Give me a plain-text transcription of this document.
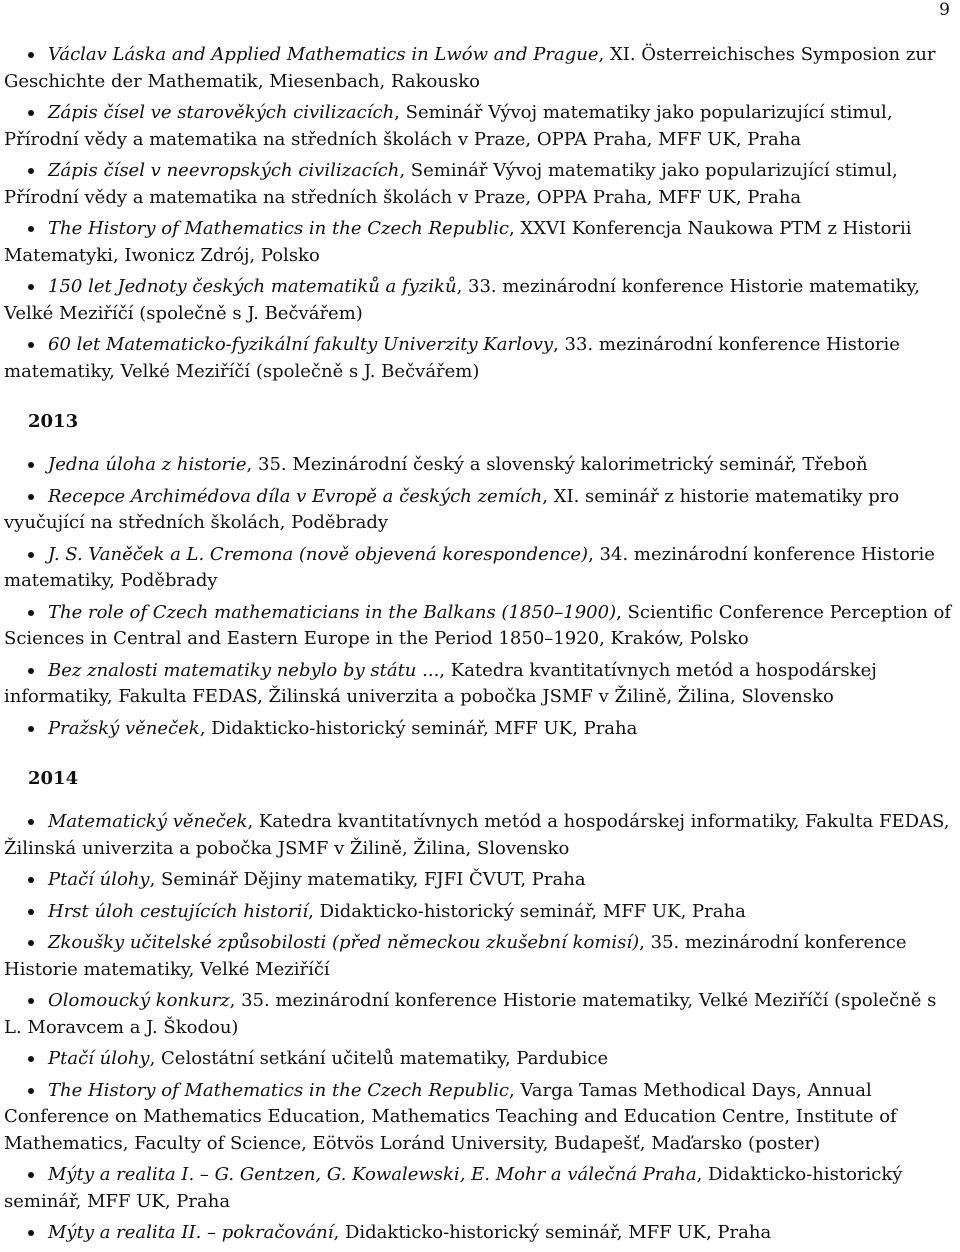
9
Václav Láska and Applied Mathematics in Lwów and Prague, XI. Österreichisches Symposion zur Geschichte der Mathematik, Miesenbach, Rakousko
Zápis čísel ve starověkých civilizacích, Seminář Vývoj matematiky jako popularizující stimul, Přírodní vědy a matematika na středních školách v Praze, OPPA Praha, MFF UK, Praha
Zápis čísel v neevropských civilizacích, Seminář Vývoj matematiky jako popularizující stimul, Přírodní vědy a matematika na středních školách v Praze, OPPA Praha, MFF UK, Praha
The History of Mathematics in the Czech Republic, XXVI Konferencja Naukowa PTM z Historii Matematyki, Iwonicz Zdrój, Polsko
150 let Jednoty českých matematiků a fyziků, 33. mezinárodní konference Historie matematiky, Velké Meziříčí (společně s J. Bečvářem)
60 let Matematicko-fyzikální fakulty Univerzity Karlovy, 33. mezinárodní konference Historie matematiky, Velké Meziříčí (společně s J. Bečvářem)
2013
Jedna úloha z historie, 35. Mezinárodní český a slovenský kalorimetrický seminář, Třeboň
Recepce Archimédova díla v Evropě a českých zemích, XI. seminář z historie matematiky pro vyučující na středních školách, Poděbrady
J. S. Vaněček a L. Cremona (nově objevená korespondence), 34. mezinárodní konference Historie matematiky, Poděbrady
The role of Czech mathematicians in the Balkans (1850–1900), Scientific Conference Perception of Sciences in Central and Eastern Europe in the Period 1850–1920, Kraków, Polsko
Bez znalosti matematiky nebylo by státu ..., Katedra kvantitatívnych metód a hospodárskej informatiky, Fakulta FEDAS, Žilinská univerzita a pobočka JSMF v Žilině, Žilina, Slovensko
Pražský věneček, Didakticko-historický seminář, MFF UK, Praha
2014
Matematický věneček, Katedra kvantitatívnych metód a hospodárskej informatiky, Fakulta FEDAS, Žilinská univerzita a pobočka JSMF v Žilině, Žilina, Slovensko
Ptačí úlohy, Seminář Dějiny matematiky, FJFI ČVUT, Praha
Hrst úloh cestujících historií, Didakticko-historický seminář, MFF UK, Praha
Zkoušky učitelské způsobilosti (před německou zkušební komisí), 35. mezinárodní konference Historie matematiky, Velké Meziříčí
Olomoucký konkurz, 35. mezinárodní konference Historie matematiky, Velké Meziříčí (společně s L. Moravcem a J. Škodou)
Ptačí úlohy, Celostátní setkání učitelů matematiky, Pardubice
The History of Mathematics in the Czech Republic, Varga Tamas Methodical Days, Annual Conference on Mathematics Education, Mathematics Teaching and Education Centre, Institute of Mathematics, Faculty of Science, Eötvös Loránd University, Budapešť, Maďarsko (poster)
Mýty a realita I. – G. Gentzen, G. Kowalewski, E. Mohr a válečná Praha, Didakticko-historický seminář, MFF UK, Praha
Mýty a realita II. – pokračování, Didakticko-historický seminář, MFF UK, Praha
